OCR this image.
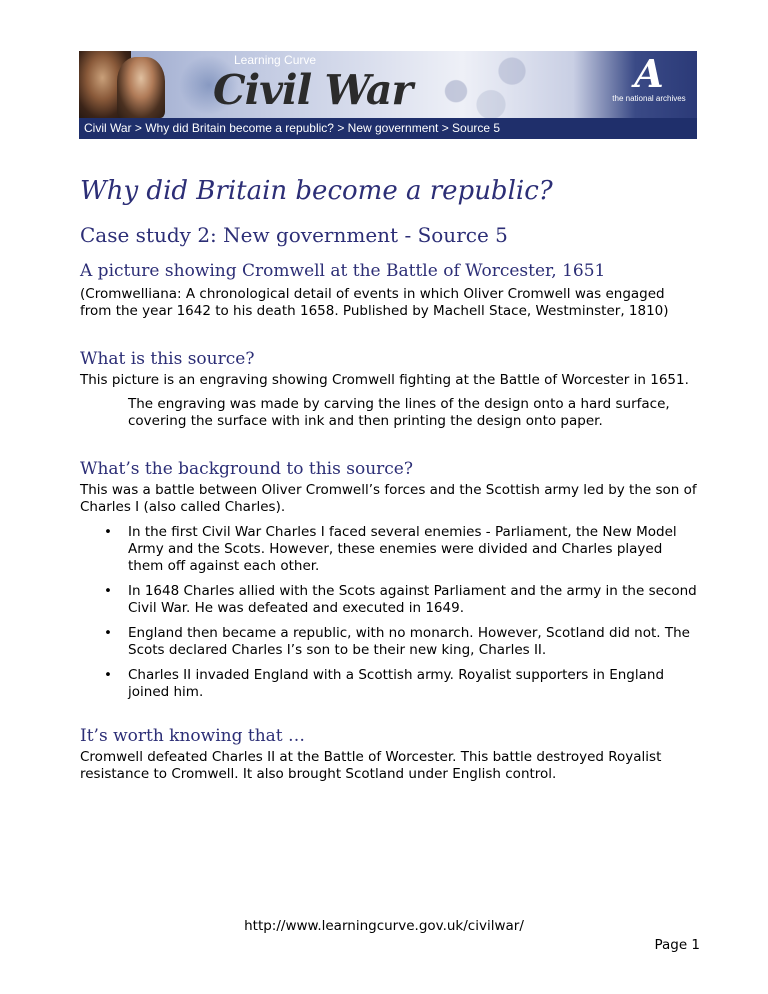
Learning Curve
Civil War	A
the national archives
Civil War > Why did Britain become a republic? > New government > Source 5
Why did Britain become a republic?
Case study 2: New government - Source 5
A picture showing Cromwell at the Battle of Worcester, 1651

(Cromwelliana: A chronological detail of events in which Oliver Cromwell was engaged from the year 1642 to his death 1658. Published by Machell Stace, Westminster, 1810)

What is this source?

This picture is an engraving showing Cromwell fighting at the Battle of Worcester in 1651.

The engraving was made by carving the lines of the design onto a hard surface, covering the surface with ink and then printing the design onto paper.

What’s the background to this source?

This was a battle between Oliver Cromwell’s forces and the Scottish army led by the son of Charles I (also called Charles).

• In the first Civil War Charles I faced several enemies - Parliament, the New Model Army and the Scots. However, these enemies were divided and Charles played them off against each other.
• In 1648 Charles allied with the Scots against Parliament and the army in the second Civil War. He was defeated and executed in 1649.
• England then became a republic, with no monarch. However, Scotland did not. The Scots declared Charles I’s son to be their new king, Charles II.
• Charles II invaded England with a Scottish army. Royalist supporters in England joined him.
It’s worth knowing that …

Cromwell defeated Charles II at the Battle of Worcester. This battle destroyed Royalist resistance to Cromwell. It also brought Scotland under English control.

http://www.learningcurve.gov.uk/civilwar/
Page 1
